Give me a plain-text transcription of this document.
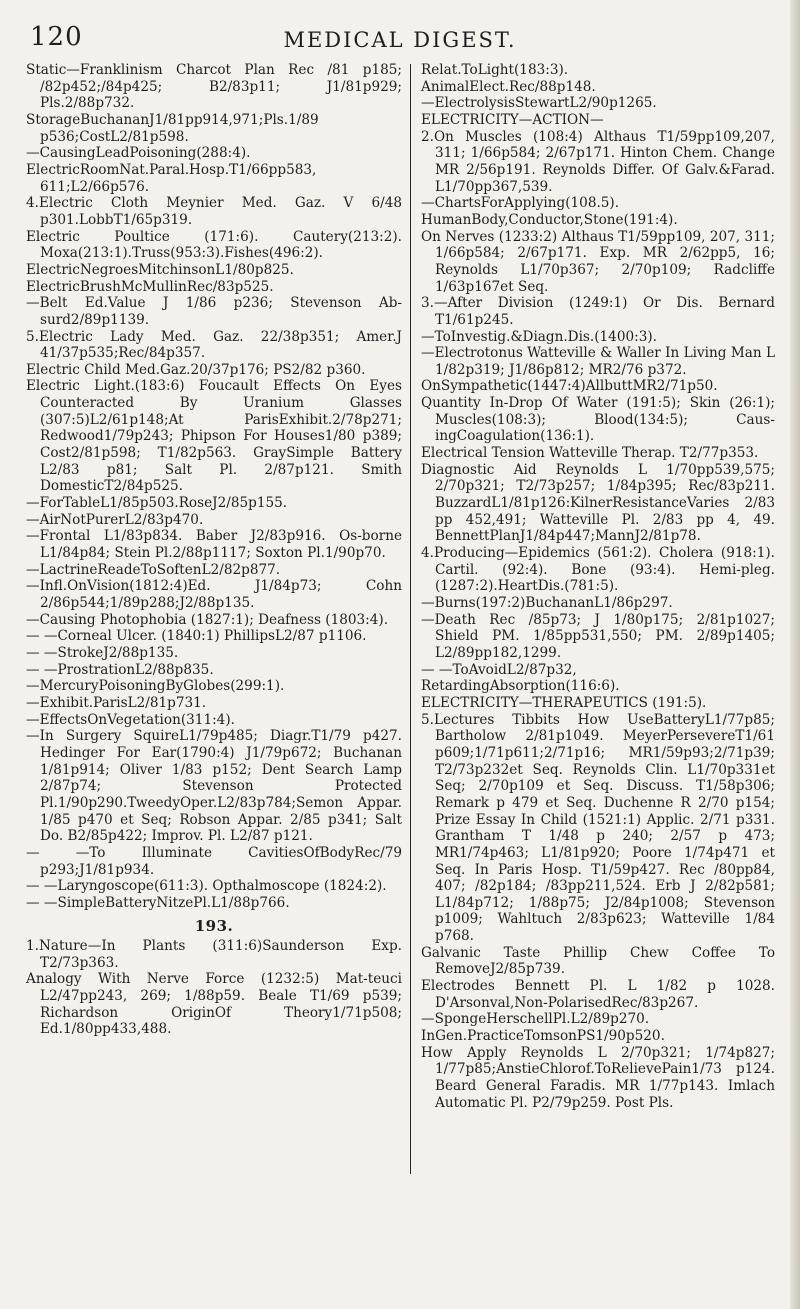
120	MEDICAL DIGEST.

Static—Franklinism Charcot Plan Rec /81 p185; /82p452;/84p425; B2/83p11; J1/81p929; Pls.2/88p732.

StorageBuchananJ1/81pp914,971;Pls.1/89 p536;CostL2/81p598.

—CausingLeadPoisoning(288:4).

ElectricRoomNat.Paral.Hosp.T1/66pp583, 611;L2/66p576.

4.Electric Cloth Meynier Med. Gaz. V 6/48 p301.LobbT1/65p319.

Electric Poultice (171:6). Cautery(213:2). Moxa(213:1).Truss(953:3).Fishes(496:2).

ElectricNegroesMitchinsonL1/80p825.

ElectricBrushMcMullinRec/83p525.

—Belt Ed.Value J 1/86 p236; Stevenson Ab-surd2/89p1139.

5.Electric Lady Med. Gaz. 22/38p351; Amer.J 41/37p535;Rec/84p357.

Electric Child Med.Gaz.20/37p176; PS2/82 p360.

Electric Light.(183:6) Foucault Effects On Eyes Counteracted By Uranium Glasses (307:5)L2/61p148;At ParisExhibit.2/78p271; Redwood1/79p243; Phipson For Houses1/80 p389; Cost2/81p598; T1/82p563. GraySimple Battery L2/83 p81; Salt Pl. 2/87p121. Smith DomesticT2/84p525.

—ForTableL1/85p503.RoseJ2/85p155.

—AirNotPurerL2/83p470.

—Frontal L1/83p834. Baber J2/83p916. Os-borne L1/84p84; Stein Pl.2/88p1117; Soxton Pl.1/90p70.

—LactrineReadeToSoftenL2/82p877.

—Infl.OnVision(1812:4)Ed. J1/84p73; Cohn 2/86p544;1/89p288;J2/88p135.

—Causing Photophobia (1827:1); Deafness (1803:4).

— —Corneal Ulcer. (1840:1) PhillipsL2/87 p1106.

— —StrokeJ2/88p135.

— —ProstrationL2/88p835.

—MercuryPoisoningByGlobes(299:1).

—Exhibit.ParisL2/81p731.

—EffectsOnVegetation(311:4).

—In Surgery SquireL1/79p485; Diagr.T1/79 p427. Hedinger For Ear(1790:4) J1/79p672; Buchanan 1/81p914; Oliver 1/83 p152; Dent Search Lamp 2/87p74; Stevenson Protected Pl.1/90p290.TweedyOper.L2/83p784;Semon Appar. 1/85 p470 et Seq; Robson Appar. 2/85 p341; Salt Do. B2/85p422; Improv. Pl. L2/87 p121.

— —To Illuminate CavitiesOfBodyRec/79 p293;J1/81p934.

— —Laryngoscope(611:3). Opthalmoscope (1824:2).

— —SimpleBatteryNitzePl.L1/88p766.

193.

1.Nature—In Plants (311:6)Saunderson Exp. T2/73p363.

Analogy With Nerve Force (1232:5) Mat-teuci L2/47pp243, 269; 1/88p59. Beale T1/69 p539; Richardson OriginOf Theory1/71p508; Ed.1/80pp433,488.

Relat.ToLight(183:3).

AnimalElect.Rec/88p148.

—ElectrolysisStewartL2/90p1265.

ELECTRICITY—ACTION—

2.On Muscles (108:4) Althaus T1/59pp109,207, 311; 1/66p584; 2/67p171. Hinton Chem. Change MR 2/56p191. Reynolds Differ. Of Galv.&Farad. L1/70pp367,539.

—ChartsForApplying(108.5).

HumanBody,Conductor,Stone(191:4).

On Nerves (1233:2) Althaus T1/59pp109, 207, 311; 1/66p584; 2/67p171. Exp. MR 2/62pp5, 16; Reynolds L1/70p367; 2/70p109; Radcliffe 1/63p167et Seq.

3.—After Division (1249:1) Or Dis. Bernard T1/61p245.

—ToInvestig.&Diagn.Dis.(1400:3).

—Electrotonus Watteville & Waller In Living Man L 1/82p319; J1/86p812; MR2/76 p372.

OnSympathetic(1447:4)AllbuttMR2/71p50.

Quantity In-Drop Of Water (191:5); Skin (26:1); Muscles(108:3); Blood(134:5); Caus-ingCoagulation(136:1).

Electrical Tension Watteville Therap. T2/77p353.

Diagnostic Aid Reynolds L 1/70pp539,575; 2/70p321; T2/73p257; 1/84p395; Rec/83p211. BuzzardL1/81p126:KilnerResistanceVaries 2/83 pp 452,491; Watteville Pl. 2/83 pp 4, 49. BennettPlanJ1/84p447;MannJ2/81p78.

4.Producing—Epidemics (561:2). Cholera (918:1). Cartil. (92:4). Bone (93:4). Hemi-pleg.(1287:2).HeartDis.(781:5).

—Burns(197:2)BuchananL1/86p297.

—Death Rec /85p73; J 1/80p175; 2/81p1027; Shield PM. 1/85pp531,550; PM. 2/89p1405; L2/89pp182,1299.

— —ToAvoidL2/87p32,

RetardingAbsorption(116:6).

ELECTRICITY—THERAPEUTICS (191:5).

5.Lectures Tibbits How UseBatteryL1/77p85; Bartholow 2/81p1049. MeyerPersevereT1/61 p609;1/71p611;2/71p16; MR1/59p93;2/71p39; T2/73p232et Seq. Reynolds Clin. L1/70p331et Seq; 2/70p109 et Seq. Discuss. T1/58p306; Remark p 479 et Seq. Duchenne R 2/70 p154; Prize Essay In Child (1521:1) Applic. 2/71 p331. Grantham T 1/48 p 240; 2/57 p 473; MR1/74p463; L1/81p920; Poore 1/74p471 et Seq. In Paris Hosp. T1/59p427. Rec /80pp84, 407; /82p184; /83pp211,524. Erb J 2/82p581; L1/84p712; 1/88p75; J2/84p1008; Stevenson p1009; Wahltuch 2/83p623; Watteville 1/84 p768.

Galvanic Taste Phillip Chew Coffee To RemoveJ2/85p739.

Electrodes Bennett Pl. L 1/82 p 1028. D'Arsonval,Non-PolarisedRec/83p267.

—SpongeHerschellPl.L2/89p270.

InGen.PracticeTomsonPS1/90p520.

How Apply Reynolds L 2/70p321; 1/74p827; 1/77p85;AnstieChlorof.ToRelievePain1/73 p124. Beard General Faradis. MR 1/77p143. Imlach Automatic Pl. P2/79p259. Post Pls.
